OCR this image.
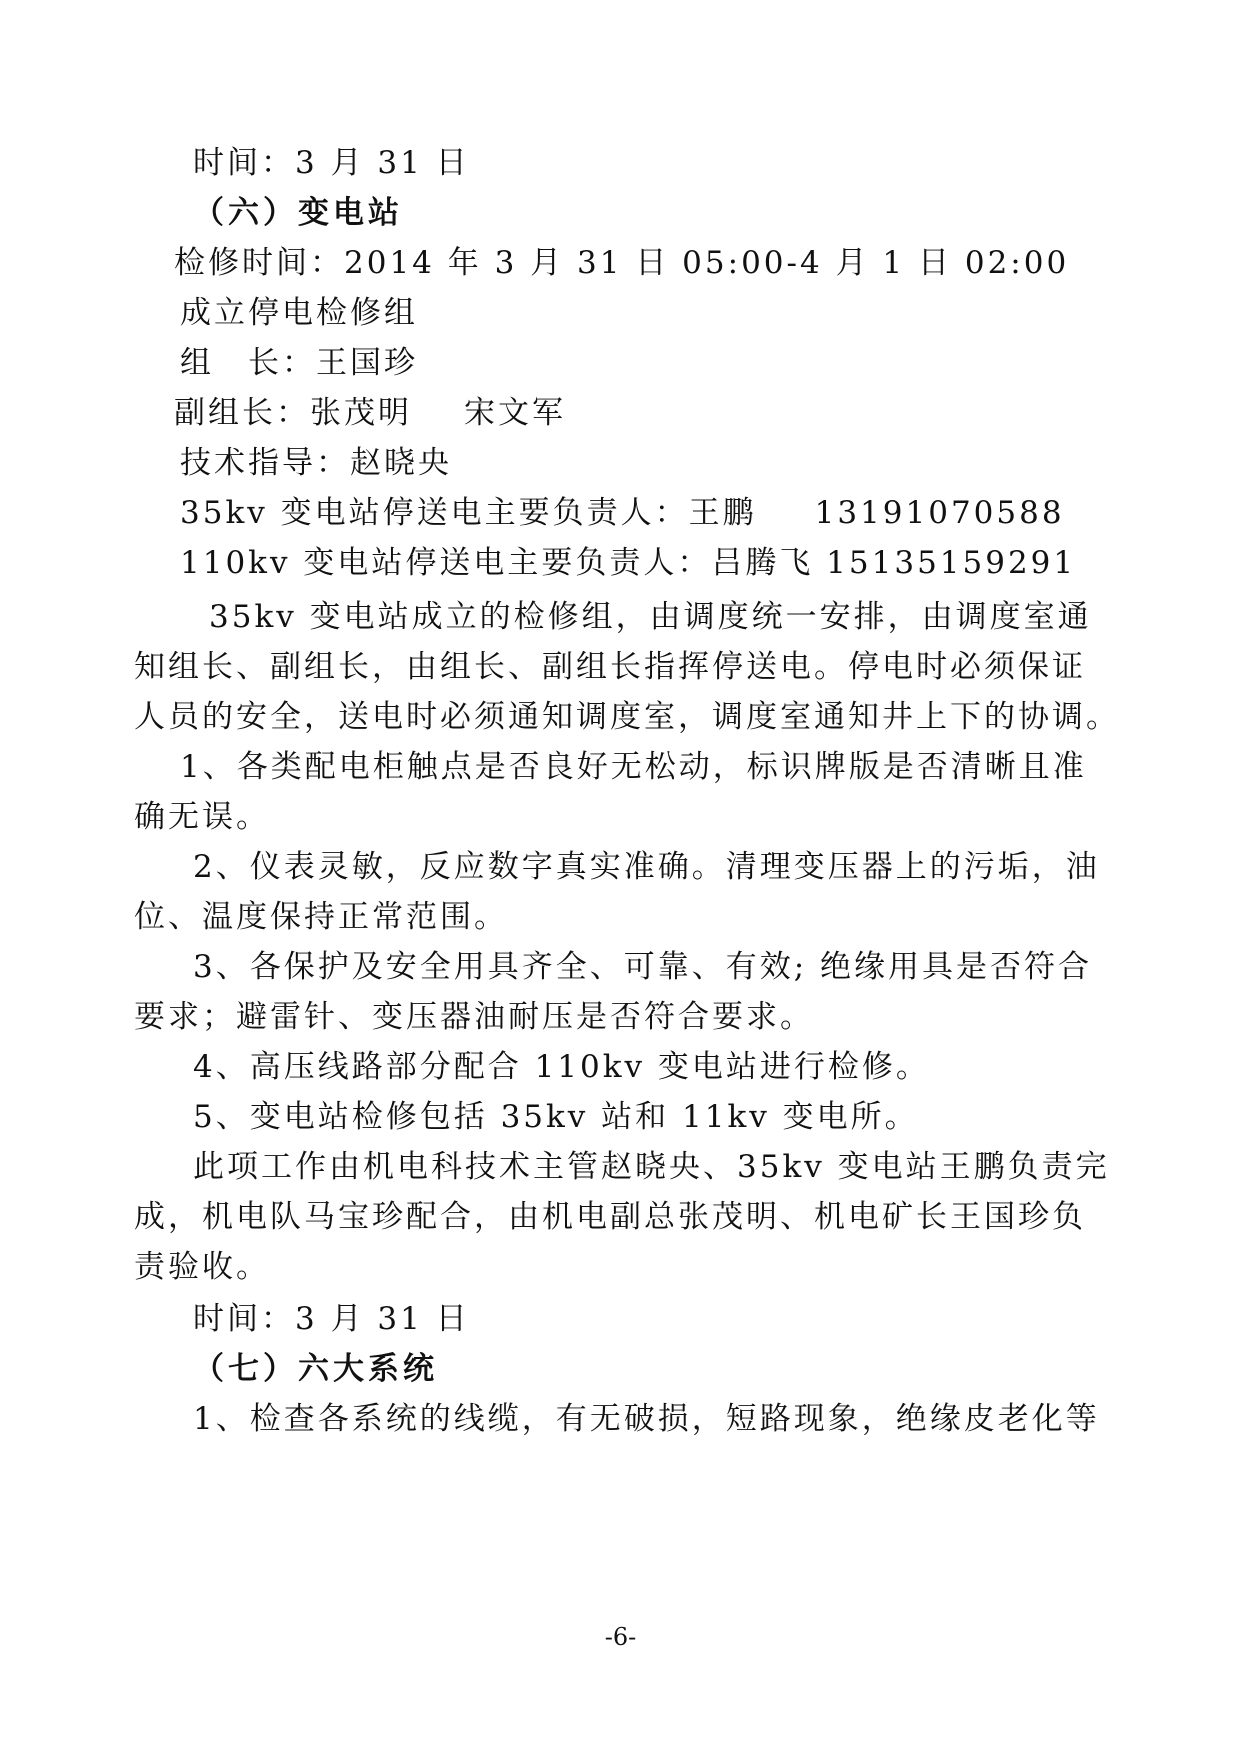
时间：3 月 31 日
（六）变电站
检修时间：2014 年 3 月 31 日 05:00-4 月 1 日 02:00
成立停电检修组
组　长：王国珍
副组长：张茂明 宋文军
技术指导：赵晓央
35kv 变电站停送电主要负责人：王鹏 13191070588
110kv 变电站停送电主要负责人：吕腾飞 15135159291
35kv 变电站成立的检修组，由调度统一安排，由调度室通
知组长、副组长，由组长、副组长指挥停送电。停电时必须保证
人员的安全，送电时必须通知调度室，调度室通知井上下的协调。
1、各类配电柜触点是否良好无松动，标识牌版是否清晰且准
确无误。
2、仪表灵敏，反应数字真实准确。清理变压器上的污垢，油
位、温度保持正常范围。
3、各保护及安全用具齐全、可靠、有效; 绝缘用具是否符合
要求；避雷针、变压器油耐压是否符合要求。
4、高压线路部分配合 110kv 变电站进行检修。
5、变电站检修包括 35kv 站和 11kv 变电所。
此项工作由机电科技术主管赵晓央、35kv 变电站王鹏负责完
成，机电队马宝珍配合，由机电副总张茂明、机电矿长王国珍负
责验收。
时间：3 月 31 日
（七）六大系统
1、检查各系统的线缆，有无破损，短路现象，绝缘皮老化等
-6-
